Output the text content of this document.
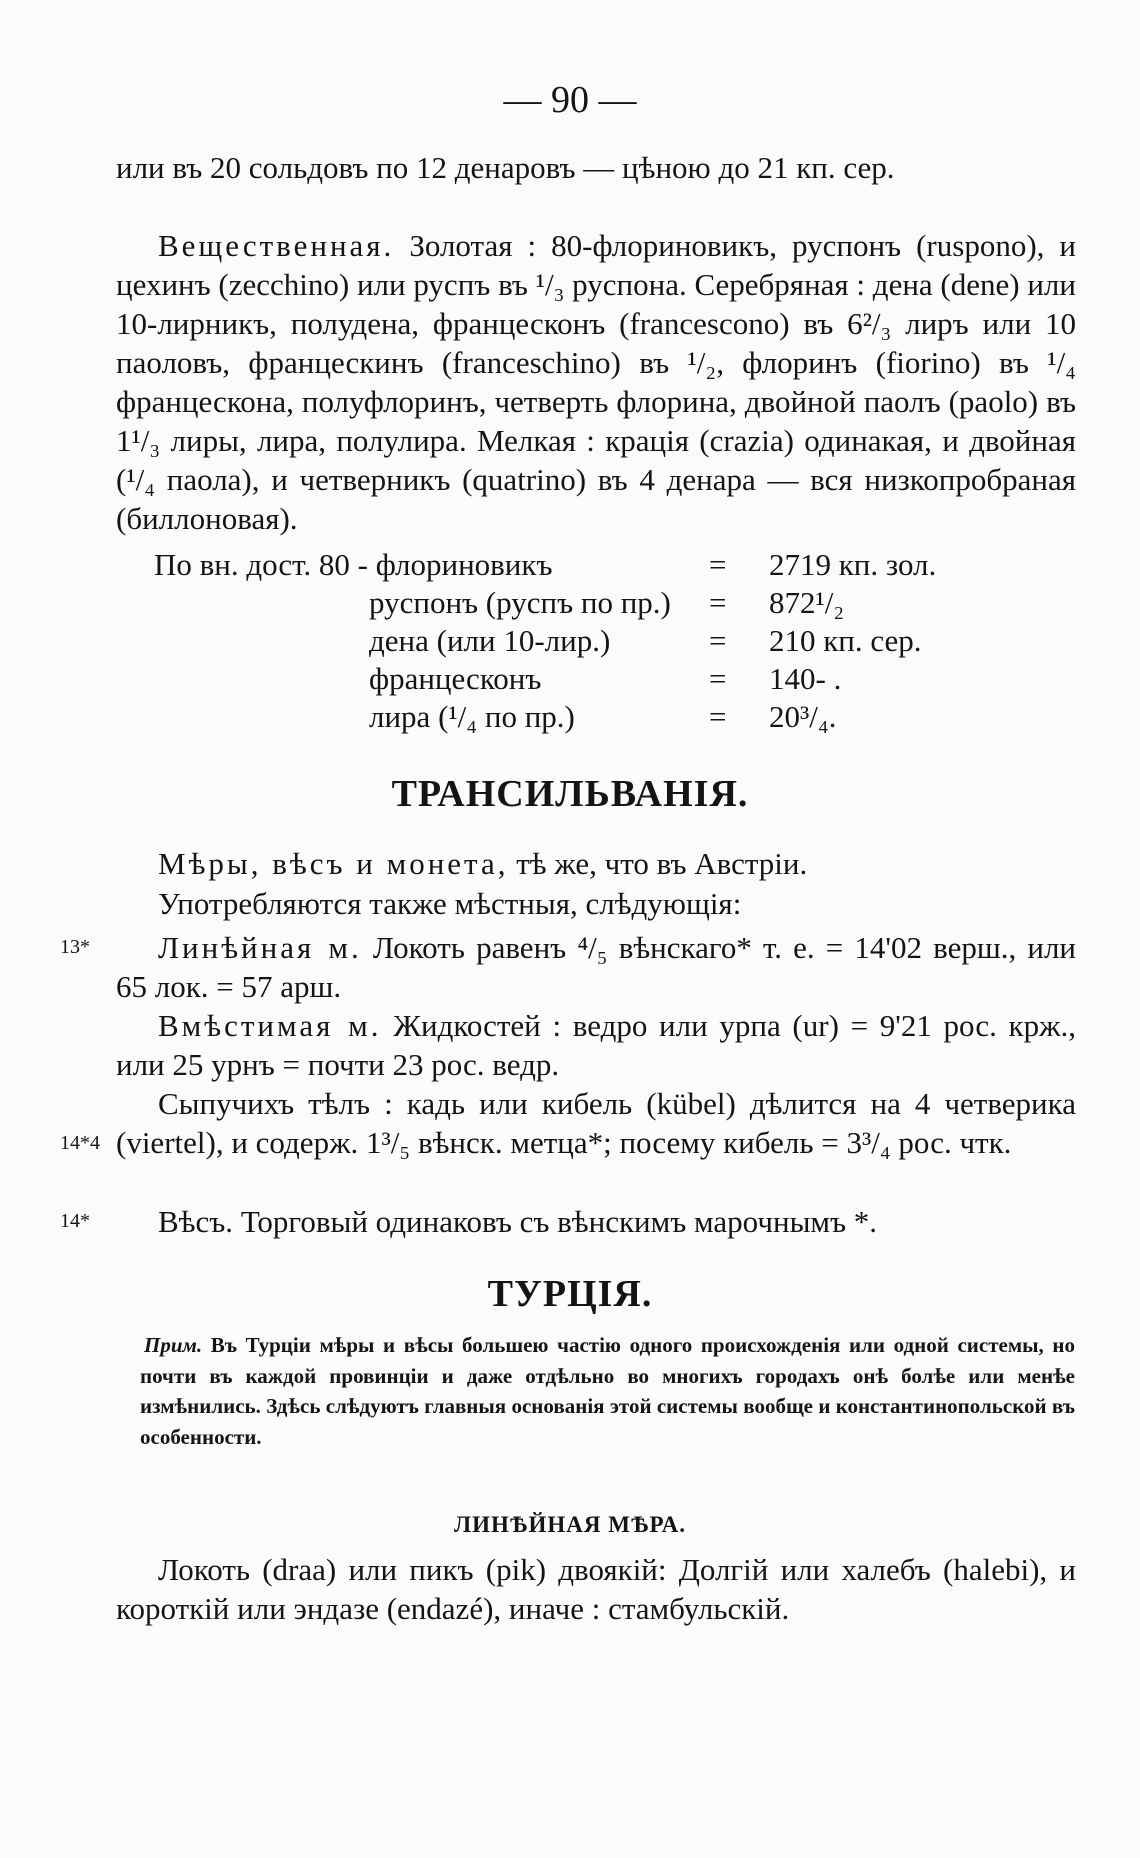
— 90 —

или въ 20 сольдовъ по 12 денаровъ — цѣною до 21 кп. сер.

Вещественная. Золотая : 80-флориновикъ, руспонъ (ruspono), и цехинъ (zecchino) или руспъ въ ¹/₃ руспона. Серебряная : дена (dene) или 10-лирникъ, полудена, францесконъ (francescono) въ 6²/₃ лиръ или 10 паоловъ, францескинъ (franceschino) въ ¹/₂, флоринъ (fiorino) въ ¹/₄ францескона, полуфлоринъ, четверть флорина, двойной паолъ (paolo) въ 1¹/₃ лиры, лира, полулира. Мелкая : крація (crazia) одинакая, и двойная (¹/₄ паола), и четверникъ (quatrino) въ 4 денара — вся низкопробраная (биллоновая).

По вн. дост. 80 - флориновикъ	= 2719 кп. зол.
руспонъ (руспъ по пр.) = 872¹/₂
дена (или 10-лир.)	= 210 кп. сер.
францесконъ	= 140- .
лира (¹/₄ по пр.)	= 20³/₄.
ТРАНСИЛЬВАНІЯ.

Мѣры, вѣсъ и монета, тѣ же, что въ Австріи.

Употребляются также мѣстныя, слѣдующія:

Линѣйная м. Локоть равенъ ⁴/₅ вѣнскаго* т. е. = 14'02 верш., или 65 лок. = 57 арш.

Вмѣстимая м. Жидкостей : ведро или урпа (ur) = 9'21 рос. крж., или 25 урнъ = почти 23 рос. ведр.

Сыпучихъ тѣлъ : кадь или кибель (kübel) дѣлится на 4 четверика (viertel), и содерж. 1³/₅ вѣнск. метца*; посему кибель = 3³/₄ рос. чтк.

Вѣсъ. Торговый одинаковъ съ вѣнскимъ марочнымъ *.

13*
14*4
14*
ТУРЦІЯ.
Прим. Въ Турціи мѣры и вѣсы большею частію одного происхожденія или одной системы, но почти въ каждой провинціи и даже отдѣльно во многихъ городахъ онѣ болѣе или менѣе измѣнились. Здѣсь слѣдуютъ главныя основанія этой системы вообще и константинопольской въ особенности.
ЛИНѢЙНАЯ МѢРА.

Локоть (draa) или пикъ (pik) двоякій: Долгій или халебъ (halebi), и короткій или эндазе (endazé), иначе : стамбульскій.
